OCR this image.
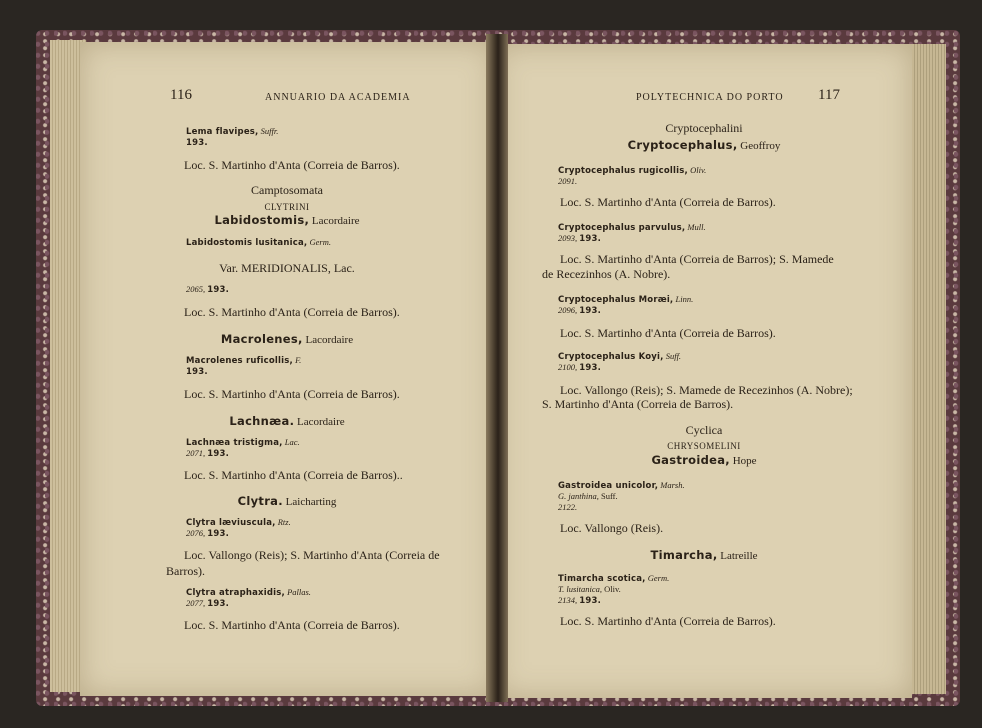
116	ANNUARIO DA ACADEMIA
Lema flavipes, Suffr.
193.
Loc. S. Martinho d'Anta (Correia de Barros).
Camptosomata
CLYTRINI
Labidostomis, Lacordaire
Labidostomis lusitanica, Germ.
Var. MERIDIONALIS, Lac.
2065, 193.
Loc. S. Martinho d'Anta (Correia de Barros).
Macrolenes, Lacordaire
Macrolenes ruficollis, F.
193.
Loc. S. Martinho d'Anta (Correia de Barros).
Lachnæa. Lacordaire
Lachnæa tristigma, Lac.
2071, 193.
Loc. S. Martinho d'Anta (Correia de Barros)..
Clytra. Laicharting
Clytra læviuscula, Rtz.
2076, 193.
Loc. Vallongo (Reis); S. Martinho d'Anta (Correia de
Barros).
Clytra atraphaxidis, Pallas.
2077, 193.
Loc. S. Martinho d'Anta (Correia de Barros).
POLYTECHNICA DO PORTO 117
Cryptocephalini
Cryptocephalus, Geoffroy
Cryptocephalus rugicollis, Oliv.
2091.
Loc. S. Martinho d'Anta (Correia de Barros).
Cryptocephalus parvulus, Mull.
2093, 193.
Loc. S. Martinho d'Anta (Correia de Barros); S. Mamede
de Recezinhos (A. Nobre).
Cryptocephalus Moræi, Linn.
2096, 193.
Loc. S. Martinho d'Anta (Correia de Barros).
Cryptocephalus Koyi, Suff.
2100, 193.
Loc. Vallongo (Reis); S. Mamede de Recezinhos (A. Nobre);
S. Martinho d'Anta (Correia de Barros).
Cyclica
CHRYSOMELINI
Gastroidea, Hope
Gastroidea unicolor, Marsh.
G. janthina, Suff.
2122.
Loc. Vallongo (Reis).
Timarcha, Latreille
Timarcha scotica, Germ.
T. lusitanica, Oliv.
2134, 193.
Loc. S. Martinho d'Anta (Correia de Barros).
